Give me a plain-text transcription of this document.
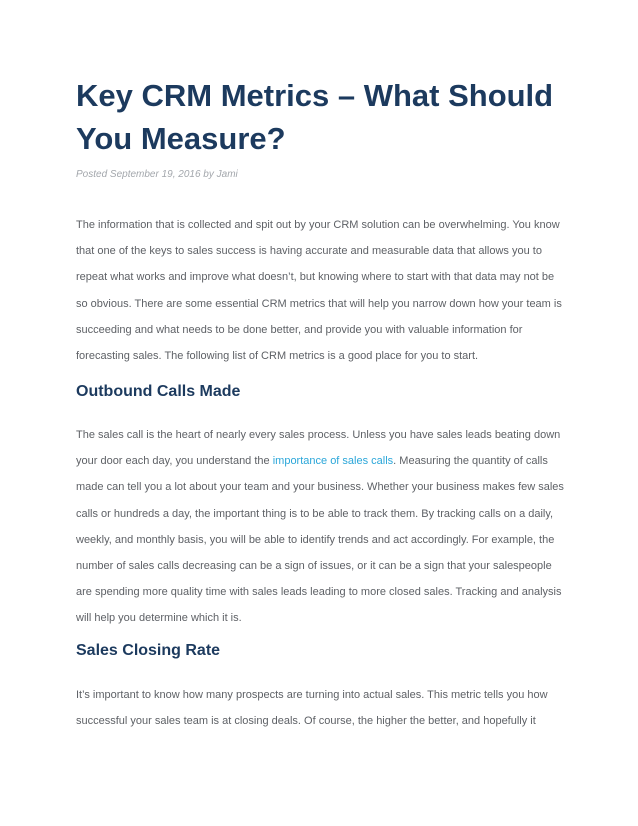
Key CRM Metrics – What Should You Measure?

Posted September 19, 2016 by Jami

The information that is collected and spit out by your CRM solution can be overwhelming. You know that one of the keys to sales success is having accurate and measurable data that allows you to repeat what works and improve what doesn’t, but knowing where to start with that data may not be so obvious. There are some essential CRM metrics that will help you narrow down how your team is succeeding and what needs to be done better, and provide you with valuable information for forecasting sales. The following list of CRM metrics is a good place for you to start.

Outbound Calls Made

The sales call is the heart of nearly every sales process. Unless you have sales leads beating down your door each day, you understand the importance of sales calls. Measuring the quantity of calls made can tell you a lot about your team and your business. Whether your business makes few sales calls or hundreds a day, the important thing is to be able to track them. By tracking calls on a daily, weekly, and monthly basis, you will be able to identify trends and act accordingly. For example, the number of sales calls decreasing can be a sign of issues, or it can be a sign that your salespeople are spending more quality time with sales leads leading to more closed sales. Tracking and analysis will help you determine which it is.

Sales Closing Rate

It’s important to know how many prospects are turning into actual sales. This metric tells you how successful your sales team is at closing deals. Of course, the higher the better, and hopefully it
